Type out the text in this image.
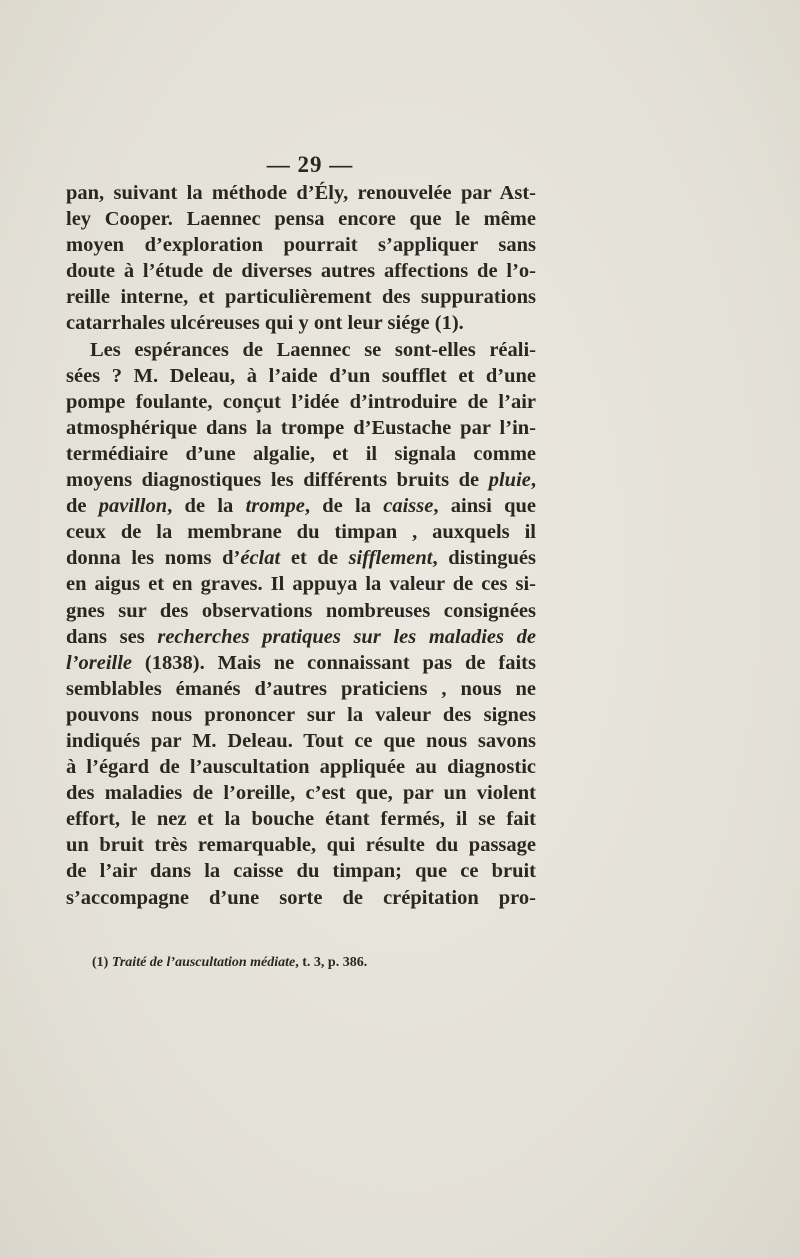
— 29 —
pan, suivant la méthode d’Ély, renouvelée par Ast-
ley Cooper. Laennec pensa encore que le même
moyen d’exploration pourrait s’appliquer sans
doute à l’étude de diverses autres affections de l’o-
reille interne, et particulièrement des suppurations
catarrhales ulcéreuses qui y ont leur siége (1).
Les espérances de Laennec se sont-elles réali-
sées ? M. Deleau, à l’aide d’un soufflet et d’une
pompe foulante, conçut l’idée d’introduire de l’air
atmosphérique dans la trompe d’Eustache par l’in-
termédiaire d’une algalie, et il signala comme
moyens diagnostiques les différents bruits de pluie,
de pavillon, de la trompe, de la caisse, ainsi que
ceux de la membrane du timpan , auxquels il
donna les noms d’éclat et de sifflement, distingués
en aigus et en graves. Il appuya la valeur de ces si-
gnes sur des observations nombreuses consignées
dans ses recherches pratiques sur les maladies de
l’oreille (1838). Mais ne connaissant pas de faits
semblables émanés d’autres praticiens , nous ne
pouvons nous prononcer sur la valeur des signes
indiqués par M. Deleau. Tout ce que nous savons
à l’égard de l’auscultation appliquée au diagnostic
des maladies de l’oreille, c’est que, par un violent
effort, le nez et la bouche étant fermés, il se fait
un bruit très remarquable, qui résulte du passage
de l’air dans la caisse du timpan; que ce bruit
s’accompagne d’une sorte de crépitation pro-
(1) Traité de l’auscultation médiate, t. 3, p. 386.
